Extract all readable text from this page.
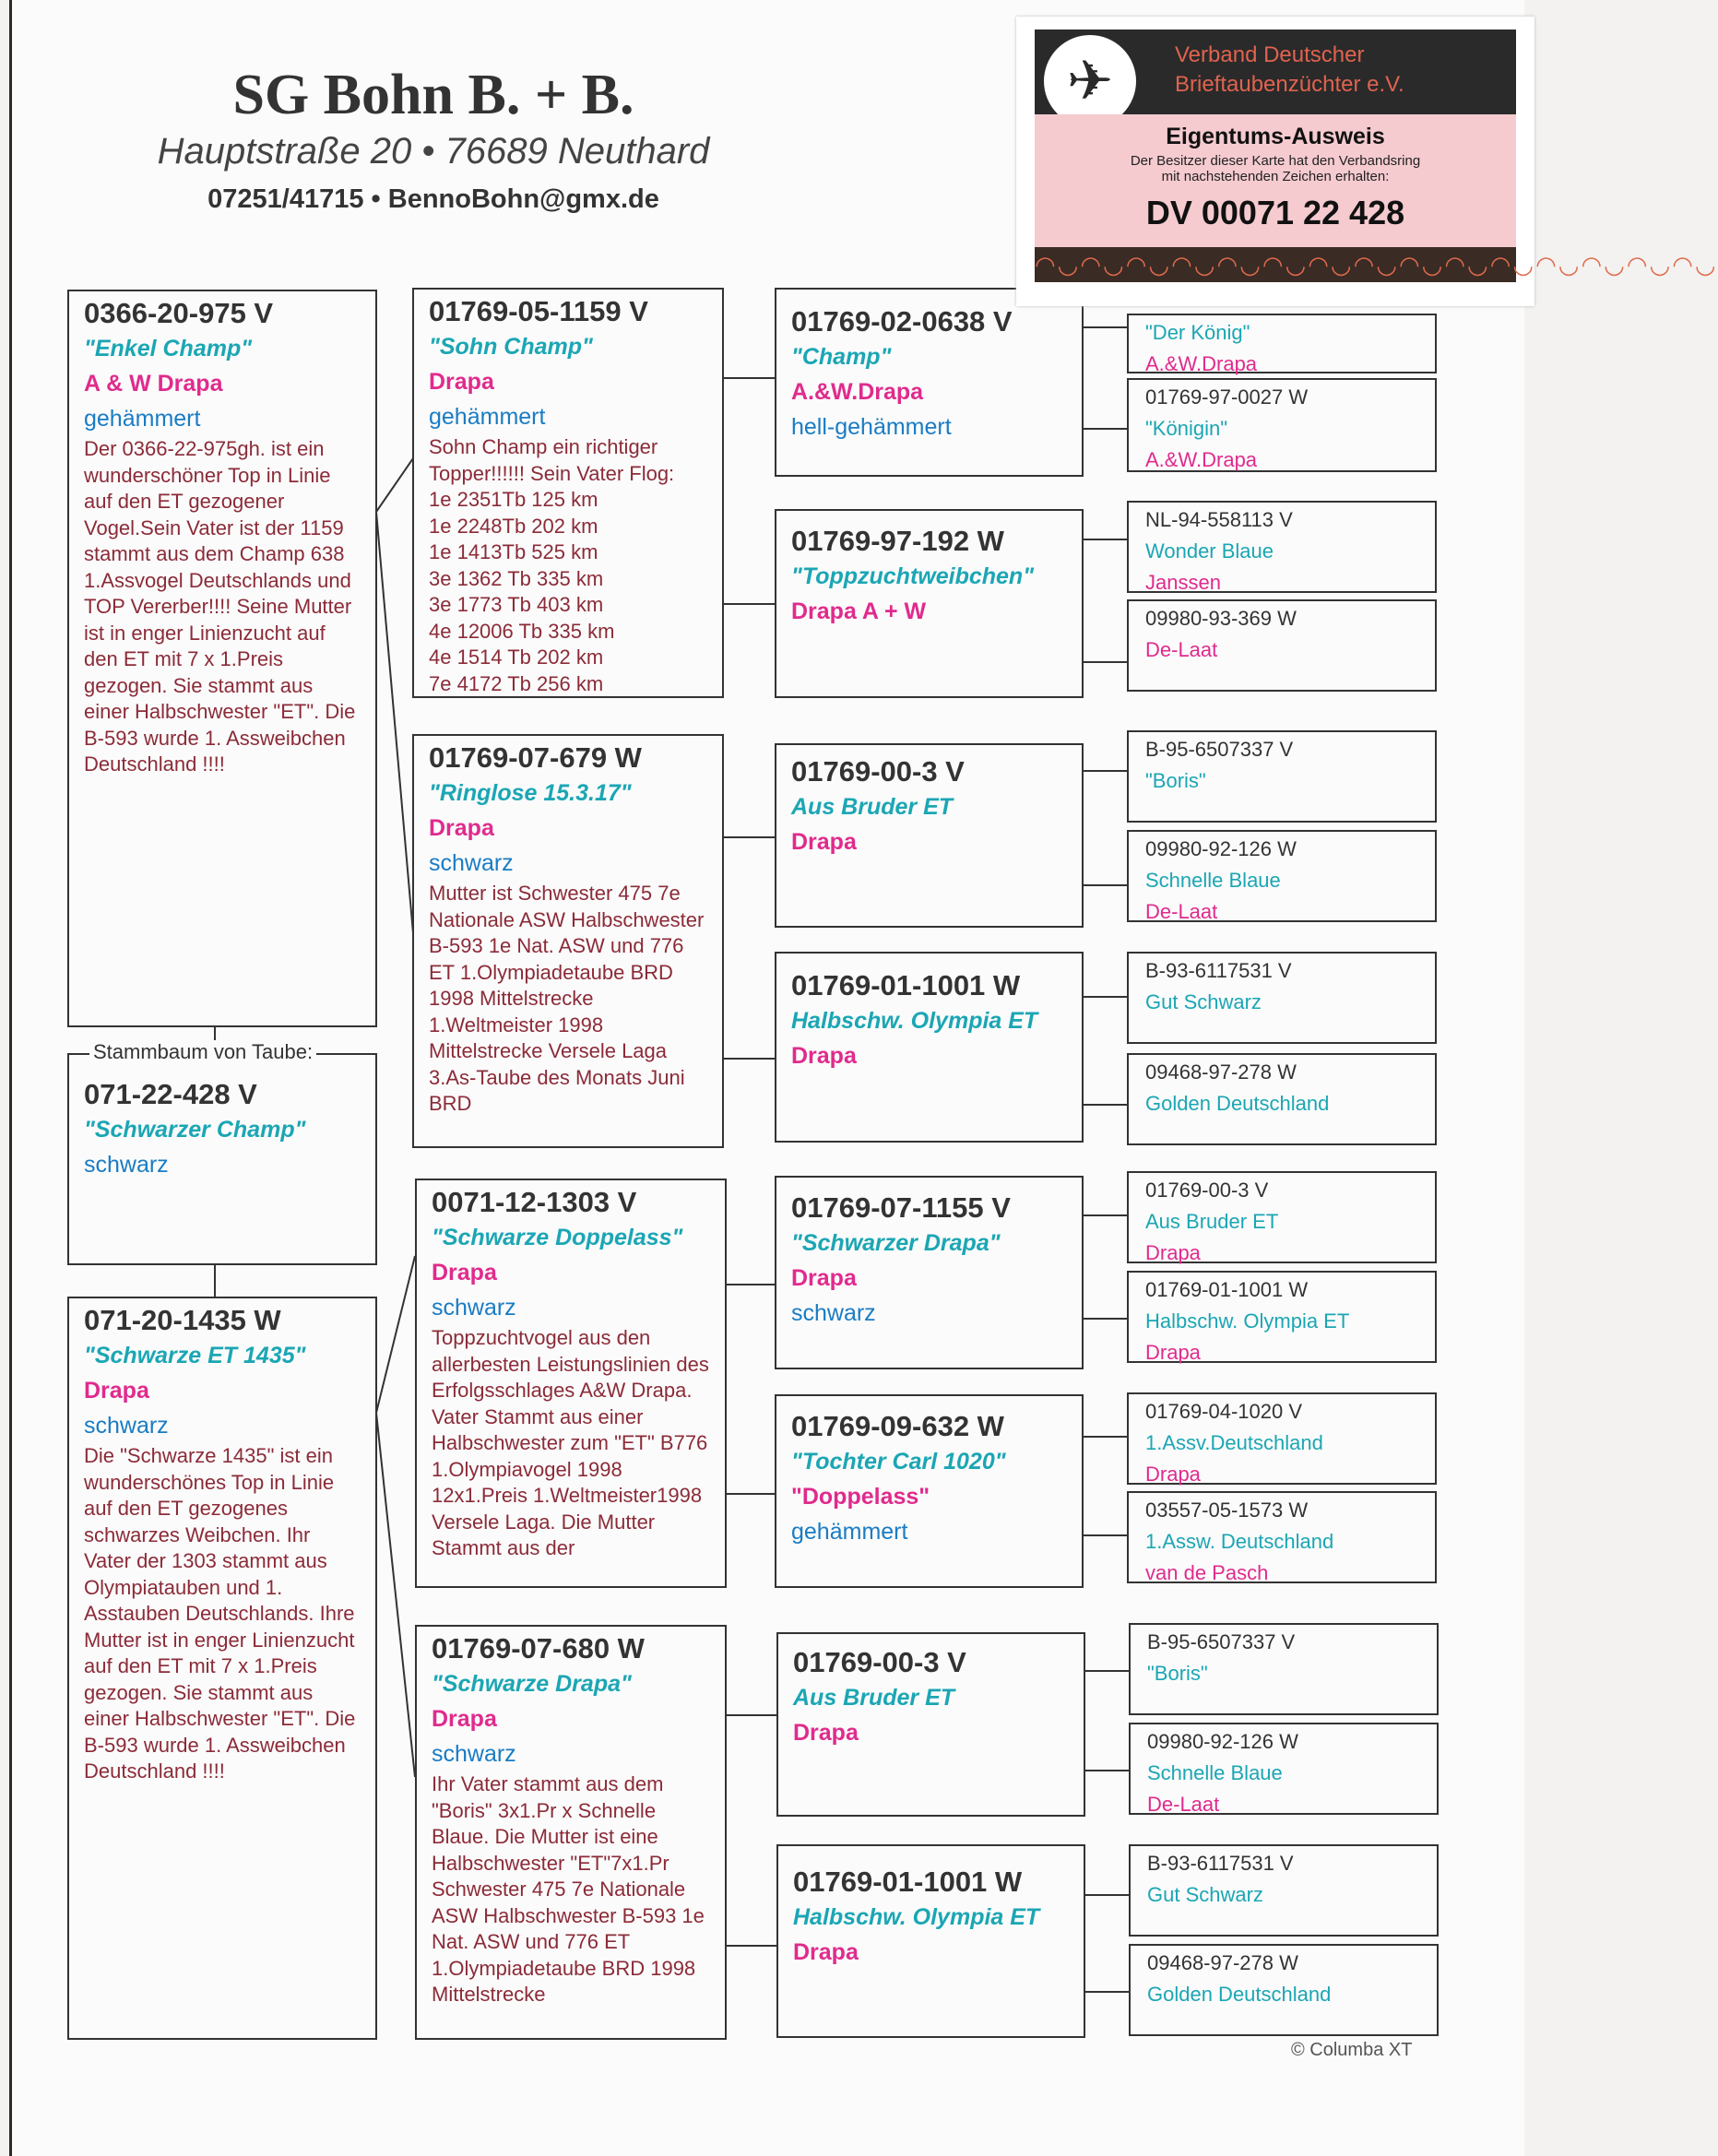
SG Bohn B. + B.
Hauptstraße 20 • 76689 Neuthard
07251/41715 • BennoBohn@gmx.de
0366-20-975 V
"Enkel Champ"
A & W Drapa
gehämmert
Der 0366-22-975gh. ist ein wunderschöner Top in Linie auf den ET gezogener Vogel.Sein Vater ist der 1159 stammt aus dem Champ 638 1.Assvogel Deutschlands und TOP Vererber!!!! Seine Mutter ist in enger Linienzucht auf den ET mit 7 x 1.Preis gezogen. Sie stammt aus einer Halbschwester "ET". Die B-593 wurde 1. Assweibchen Deutschland !!!!
071-22-428 V
"Schwarzer Champ"
schwarz
Stammbaum von Taube:
071-20-1435 W
"Schwarze ET 1435"
Drapa
schwarz
Die "Schwarze 1435" ist ein wunderschönes Top in Linie auf den ET gezogenes schwarzes Weibchen. Ihr Vater der 1303 stammt aus Olympiatauben und 1. Asstauben Deutschlands. Ihre Mutter ist in enger Linienzucht auf den ET mit 7 x 1.Preis gezogen. Sie stammt aus einer Halbschwester "ET". Die B-593 wurde 1. Assweibchen Deutschland !!!!
01769-05-1159 V
"Sohn Champ"
Drapa
gehämmert
Sohn Champ ein richtiger Topper!!!!!! Sein Vater Flog:
1e 2351Tb 125 km
1e 2248Tb 202 km
1e 1413Tb 525 km
3e 1362 Tb 335 km
3e 1773 Tb 403 km
4e 12006 Tb 335 km
4e 1514 Tb 202 km
7e 4172 Tb 256 km
01769-07-679 W
"Ringlose 15.3.17"
Drapa
schwarz
Mutter ist Schwester 475 7e Nationale ASW Halbschwester B-593 1e Nat. ASW und 776 ET 1.Olympiadetaube BRD 1998 Mittelstrecke 1.Weltmeister 1998 Mittelstrecke Versele Laga 3.As-Taube des Monats Juni BRD
0071-12-1303 V
"Schwarze Doppelass"
Drapa
schwarz
Toppzuchtvogel aus den allerbesten Leistungslinien des Erfolgsschlages A&W Drapa. Vater Stammt aus einer Halbschwester zum "ET" B776 1.Olympiavogel 1998 12x1.Preis 1.Weltmeister1998 Versele Laga. Die Mutter Stammt aus der
01769-07-680 W
"Schwarze Drapa"
Drapa
schwarz
Ihr Vater stammt aus dem "Boris" 3x1.Pr x Schnelle Blaue. Die Mutter ist eine Halbschwester "ET"7x1.Pr Schwester 475 7e Nationale ASW Halbschwester B-593 1e Nat. ASW und 776 ET 1.Olympiadetaube BRD 1998 Mittelstrecke
01769-02-0638 V
"Champ"
A.&W.Drapa
hell-gehämmert
01769-97-192 W
"Toppzuchtweibchen"
Drapa A + W
01769-00-3 V
Aus Bruder ET
Drapa
01769-01-1001 W
Halbschw. Olympia ET
Drapa
01769-07-1155 V
"Schwarzer Drapa"
Drapa
schwarz
01769-09-632 W
"Tochter Carl 1020"
"Doppelass"
gehämmert
01769-00-3 V
Aus Bruder ET
Drapa
01769-01-1001 W
Halbschw. Olympia ET
Drapa
"Der König"
A.&W.Drapa
01769-97-0027 W
"Königin"
A.&W.Drapa
NL-94-558113 V
Wonder Blaue
Janssen
09980-93-369 W
De-Laat
B-95-6507337 V
"Boris"
09980-92-126 W
Schnelle Blaue
De-Laat
B-93-6117531 V
Gut Schwarz
09468-97-278 W
Golden Deutschland
01769-00-3 V
Aus Bruder ET
Drapa
01769-01-1001 W
Halbschw. Olympia ET
Drapa
01769-04-1020 V
1.Assv.Deutschland
Drapa
03557-05-1573 W
1.Assw. Deutschland
van de Pasch
B-95-6507337 V
"Boris"
09980-92-126 W
Schnelle Blaue
De-Laat
B-93-6117531 V
Gut Schwarz
09468-97-278 W
Golden Deutschland
✈	Verband Deutscher
Brieftaubenzüchter e.V.
Eigentums-Ausweis
Der Besitzer dieser Karte hat den Verbandsring
mit nachstehenden Zeichen erhalten:
DV 00071 22 428
◠◡◠◡◠◡◠◡◠◡◠◡◠◡◠◡◠◡◠◡◠◡◠◡◠◡◠◡◠◡
© Columba XT
